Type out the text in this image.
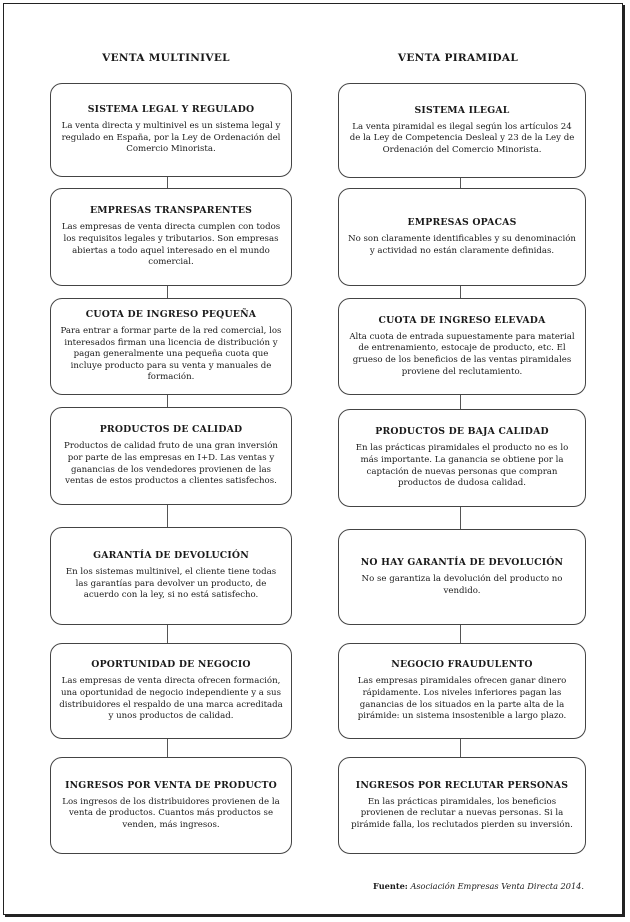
VENTA MULTINIVEL	VENTA PIRAMIDAL
SISTEMA LEGAL Y REGULADO
La venta directa y multinivel es un sistema legal y regulado en España, por la Ley de Ordenación del Comercio Minorista.
EMPRESAS TRANSPARENTES
Las empresas de venta directa cumplen con todos los requisitos legales y tributarios. Son empresas abiertas a todo aquel interesado en el mundo comercial.
CUOTA DE INGRESO PEQUEÑA
Para entrar a formar parte de la red comercial, los interesados firman una licencia de distribución y pagan generalmente una pequeña cuota que incluye producto para su venta y manuales de formación.
PRODUCTOS DE CALIDAD
Productos de calidad fruto de una gran inversión por parte de las empresas en I+D. Las ventas y ganancias de los vendedores provienen de las ventas de estos productos a clientes satisfechos.
GARANTÍA DE DEVOLUCIÓN
En los sistemas multinivel, el cliente tiene todas las garantías para devolver un producto, de acuerdo con la ley, si no está satisfecho.
OPORTUNIDAD DE NEGOCIO
Las empresas de venta directa ofrecen formación, una oportunidad de negocio independiente y a sus distribuidores el respaldo de una marca acreditada y unos productos de calidad.
INGRESOS POR VENTA DE PRODUCTO
Los ingresos de los distribuidores provienen de la venta de productos. Cuantos más productos se venden, más ingresos.
SISTEMA ILEGAL
La venta piramidal es ilegal según los artículos 24 de la Ley de Competencia Desleal y 23 de la Ley de Ordenación del Comercio Minorista.
EMPRESAS OPACAS
No son claramente identificables y su denominación y actividad no están claramente definidas.
CUOTA DE INGRESO ELEVADA
Alta cuota de entrada supuestamente para material de entrenamiento, estocaje de producto, etc. El grueso de los beneficios de las ventas piramidales proviene del reclutamiento.
PRODUCTOS DE BAJA CALIDAD
En las prácticas piramidales el producto no es lo más importante. La ganancia se obtiene por la captación de nuevas personas que compran productos de dudosa calidad.
NO HAY GARANTÍA DE DEVOLUCIÓN
No se garantiza la devolución del producto no vendido.
NEGOCIO FRAUDULENTO
Las empresas piramidales ofrecen ganar dinero rápidamente. Los niveles inferiores pagan las ganancias de los situados en la parte alta de la pirámide: un sistema insostenible a largo plazo.
INGRESOS POR RECLUTAR PERSONAS
En las prácticas piramidales, los beneficios provienen de reclutar a nuevas personas. Si la pirámide falla, los reclutados pierden su inversión.
Fuente: Asociación Empresas Venta Directa 2014.
